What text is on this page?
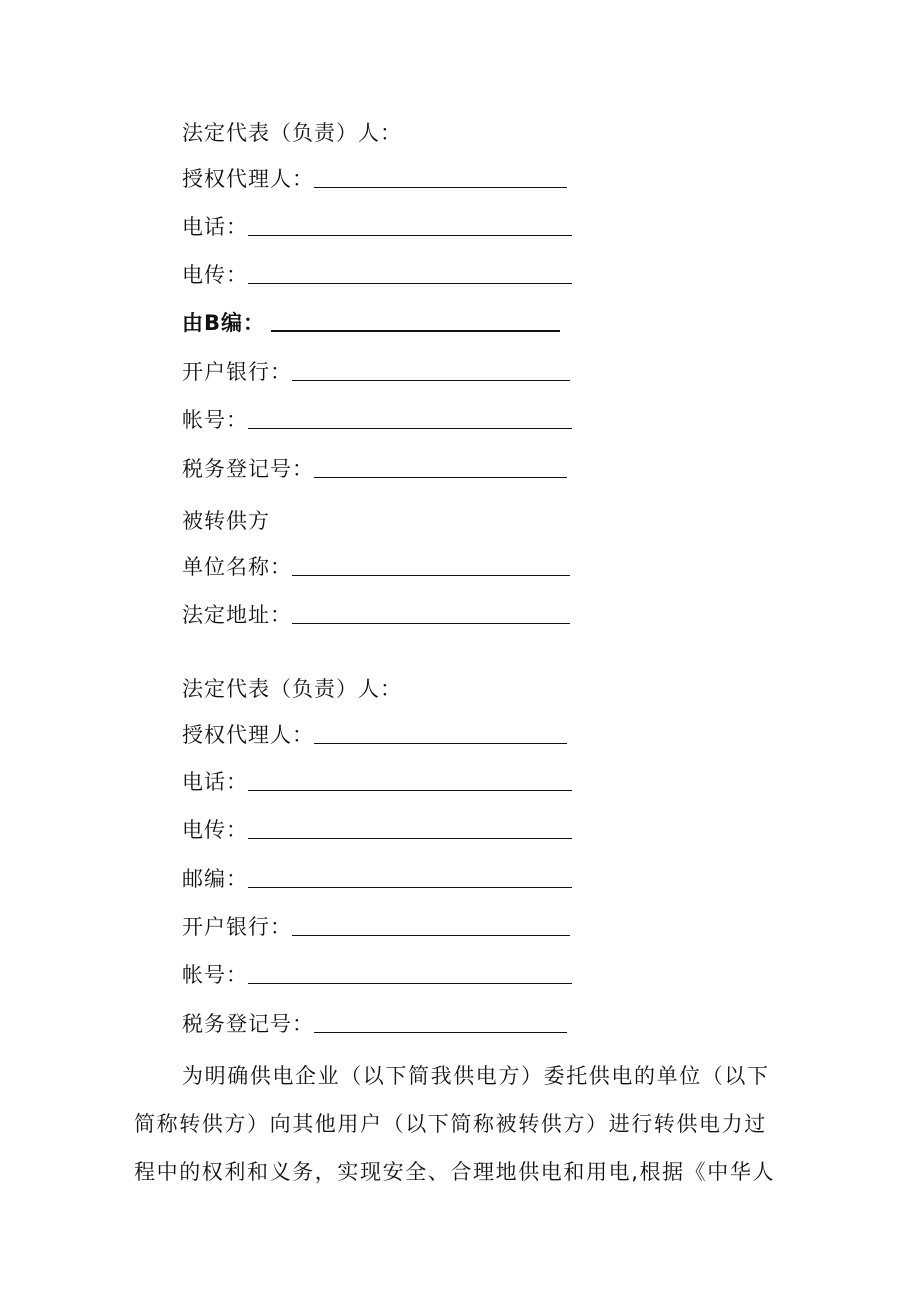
法定代表（负责）人：
授权代理人：
电话：
电传：
由B编：
开户银行：
帐号：
税务登记号：
被转供方
单位名称：
法定地址：
法定代表（负责）人：
授权代理人：
电话：
电传：
邮编：
开户银行：
帐号：
税务登记号：
为明确供电企业（以下简我供电方）委托供电的单位（以下
简称转供方）向其他用户（以下简称被转供方）进行转供电力过
程中的权利和义务，实现安全、合理地供电和用电,根据《中华人
